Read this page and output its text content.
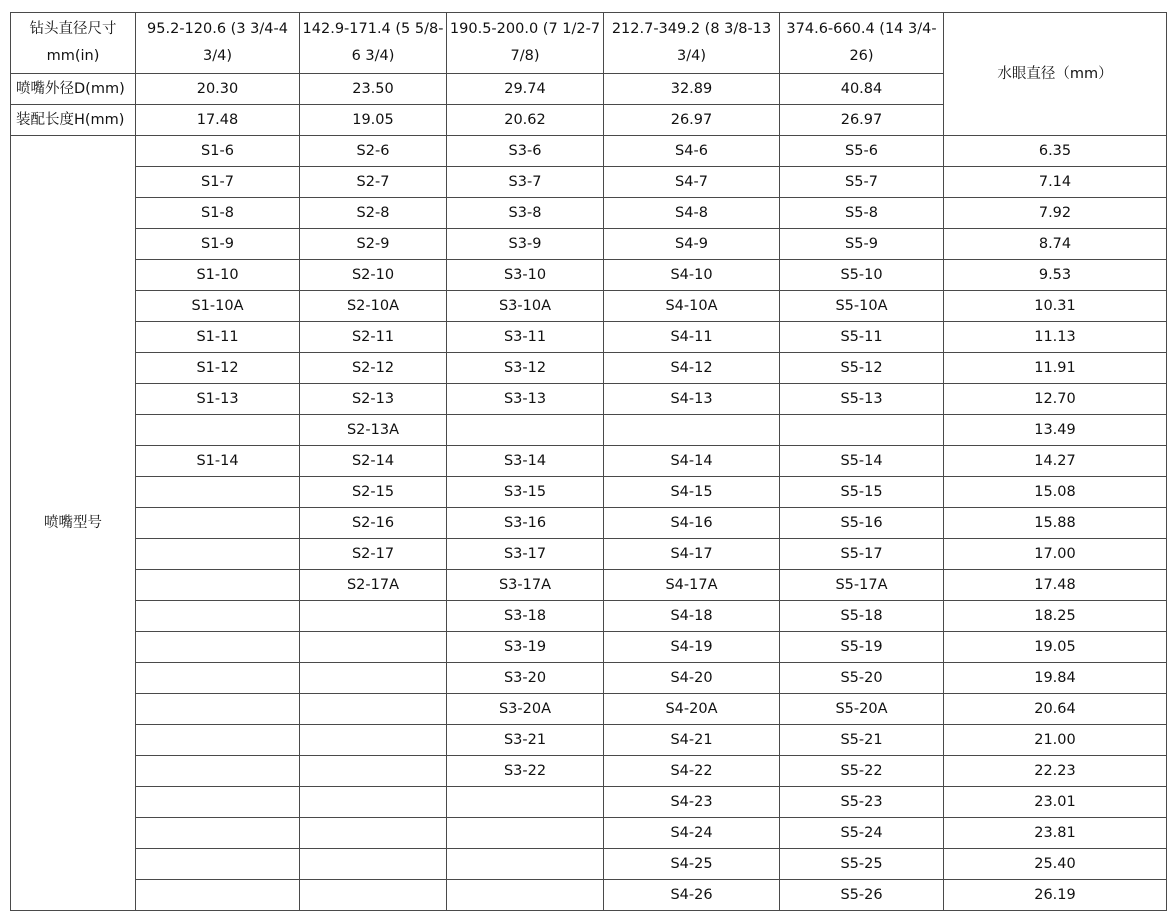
钻头直径尺寸mm(in)	95.2-120.6 (3 3/4-4 3/4)	142.9-171.4 (5 5/8-6 3/4)	190.5-200.0 (7 1/2-7 7/8)	212.7-349.2 (8 3/8-13 3/4)	374.6-660.4 (14 3/4-26)	水眼直径（mm）
喷嘴外径D(mm)	20.30	23.50	29.74	32.89	40.84	
装配长度H(mm)	17.48	19.05	20.62	26.97	26.97	
喷嘴型号	S1-6	S2-6	S3-6	S4-6	S5-6	6.35
	S1-7	S2-7	S3-7	S4-7	S5-7	7.14
	S1-8	S2-8	S3-8	S4-8	S5-8	7.92
	S1-9	S2-9	S3-9	S4-9	S5-9	8.74
	S1-10	S2-10	S3-10	S4-10	S5-10	9.53
	S1-10A	S2-10A	S3-10A	S4-10A	S5-10A	10.31
	S1-11	S2-11	S3-11	S4-11	S5-11	11.13
	S1-12	S2-12	S3-12	S4-12	S5-12	11.91
	S1-13	S2-13	S3-13	S4-13	S5-13	12.70
		S2-13A				13.49
	S1-14	S2-14	S3-14	S4-14	S5-14	14.27
		S2-15	S3-15	S4-15	S5-15	15.08
		S2-16	S3-16	S4-16	S5-16	15.88
		S2-17	S3-17	S4-17	S5-17	17.00
		S2-17A	S3-17A	S4-17A	S5-17A	17.48
			S3-18	S4-18	S5-18	18.25
			S3-19	S4-19	S5-19	19.05
			S3-20	S4-20	S5-20	19.84
			S3-20A	S4-20A	S5-20A	20.64
			S3-21	S4-21	S5-21	21.00
			S3-22	S4-22	S5-22	22.23
				S4-23	S5-23	23.01
				S4-24	S5-24	23.81
				S4-25	S5-25	25.40
				S4-26	S5-26	26.19
